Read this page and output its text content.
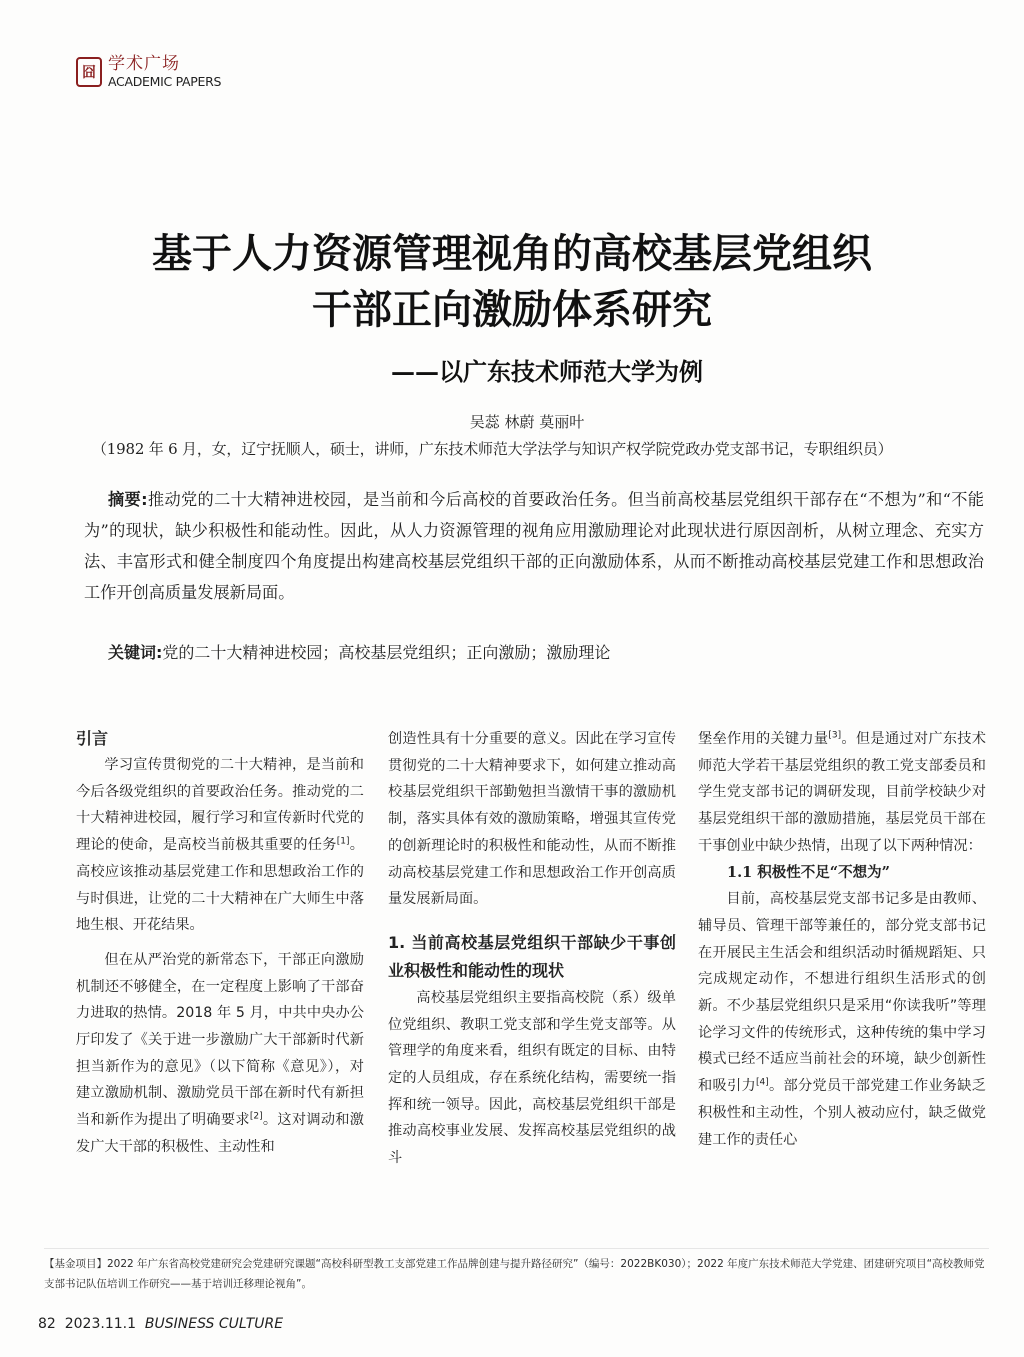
囧 学术广场
ACADEMIC PAPERS
基于人力资源管理视角的高校基层党组织
干部正向激励体系研究
——以广东技术师范大学为例
吴蕊 林蔚 莫丽叶
（1982 年 6 月，女，辽宁抚顺人，硕士，讲师，广东技术师范大学法学与知识产权学院党政办党支部书记，专职组织员）
摘要:推动党的二十大精神进校园，是当前和今后高校的首要政治任务。但当前高校基层党组织干部存在“不想为”和“不能为”的现状，缺少积极性和能动性。因此，从人力资源管理的视角应用激励理论对此现状进行原因剖析，从树立理念、充实方法、丰富形式和健全制度四个角度提出构建高校基层党组织干部的正向激励体系，从而不断推动高校基层党建工作和思想政治工作开创高质量发展新局面。
关键词:党的二十大精神进校园；高校基层党组织；正向激励；激励理论

引言

学习宣传贯彻党的二十大精神，是当前和今后各级党组织的首要政治任务。推动党的二十大精神进校园，履行学习和宣传新时代党的理论的使命，是高校当前极其重要的任务[1]。高校应该推动基层党建工作和思想政治工作的与时俱进，让党的二十大精神在广大师生中落地生根、开花结果。

但在从严治党的新常态下，干部正向激励机制还不够健全，在一定程度上影响了干部奋力进取的热情。2018 年 5 月，中共中央办公厅印发了《关于进一步激励广大干部新时代新担当新作为的意见》（以下简称《意见》），对建立激励机制、激励党员干部在新时代有新担当和新作为提出了明确要求[2]。这对调动和激发广大干部的积极性、主动性和

创造性具有十分重要的意义。因此在学习宣传贯彻党的二十大精神要求下，如何建立推动高校基层党组织干部勤勉担当激情干事的激励机制，落实具体有效的激励策略，增强其宣传党的创新理论时的积极性和能动性，从而不断推动高校基层党建工作和思想政治工作开创高质量发展新局面。

1. 当前高校基层党组织干部缺少干事创业积极性和能动性的现状

高校基层党组织主要指高校院（系）级单位党组织、教职工党支部和学生党支部等。从管理学的角度来看，组织有既定的目标、由特定的人员组成，存在系统化结构，需要统一指挥和统一领导。因此，高校基层党组织干部是推动高校事业发展、发挥高校基层党组织的战斗

堡垒作用的关键力量[3]。但是通过对广东技术师范大学若干基层党组织的教工党支部委员和学生党支部书记的调研发现，目前学校缺少对基层党组织干部的激励措施，基层党员干部在干事创业中缺少热情，出现了以下两种情况：

1.1 积极性不足“不想为”

目前，高校基层党支部书记多是由教师、辅导员、管理干部等兼任的，部分党支部书记在开展民主生活会和组织活动时循规蹈矩、只完成规定动作，不想进行组织生活形式的创新。不少基层党组织只是采用“你读我听”等理论学习文件的传统形式，这种传统的集中学习模式已经不适应当前社会的环境，缺少创新性和吸引力[4]。部分党员干部党建工作业务缺乏积极性和主动性，个别人被动应付，缺乏做党建工作的责任心

【基金项目】2022 年广东省高校党建研究会党建研究课题“高校科研型教工支部党建工作品牌创建与提升路径研究”（编号：2022BK030）；2022 年度广东技术师范大学党建、团建研究项目“高校教师党支部书记队伍培训工作研究——基于培训迁移理论视角”。
82 2023.11.1 BUSINESS CULTURE
